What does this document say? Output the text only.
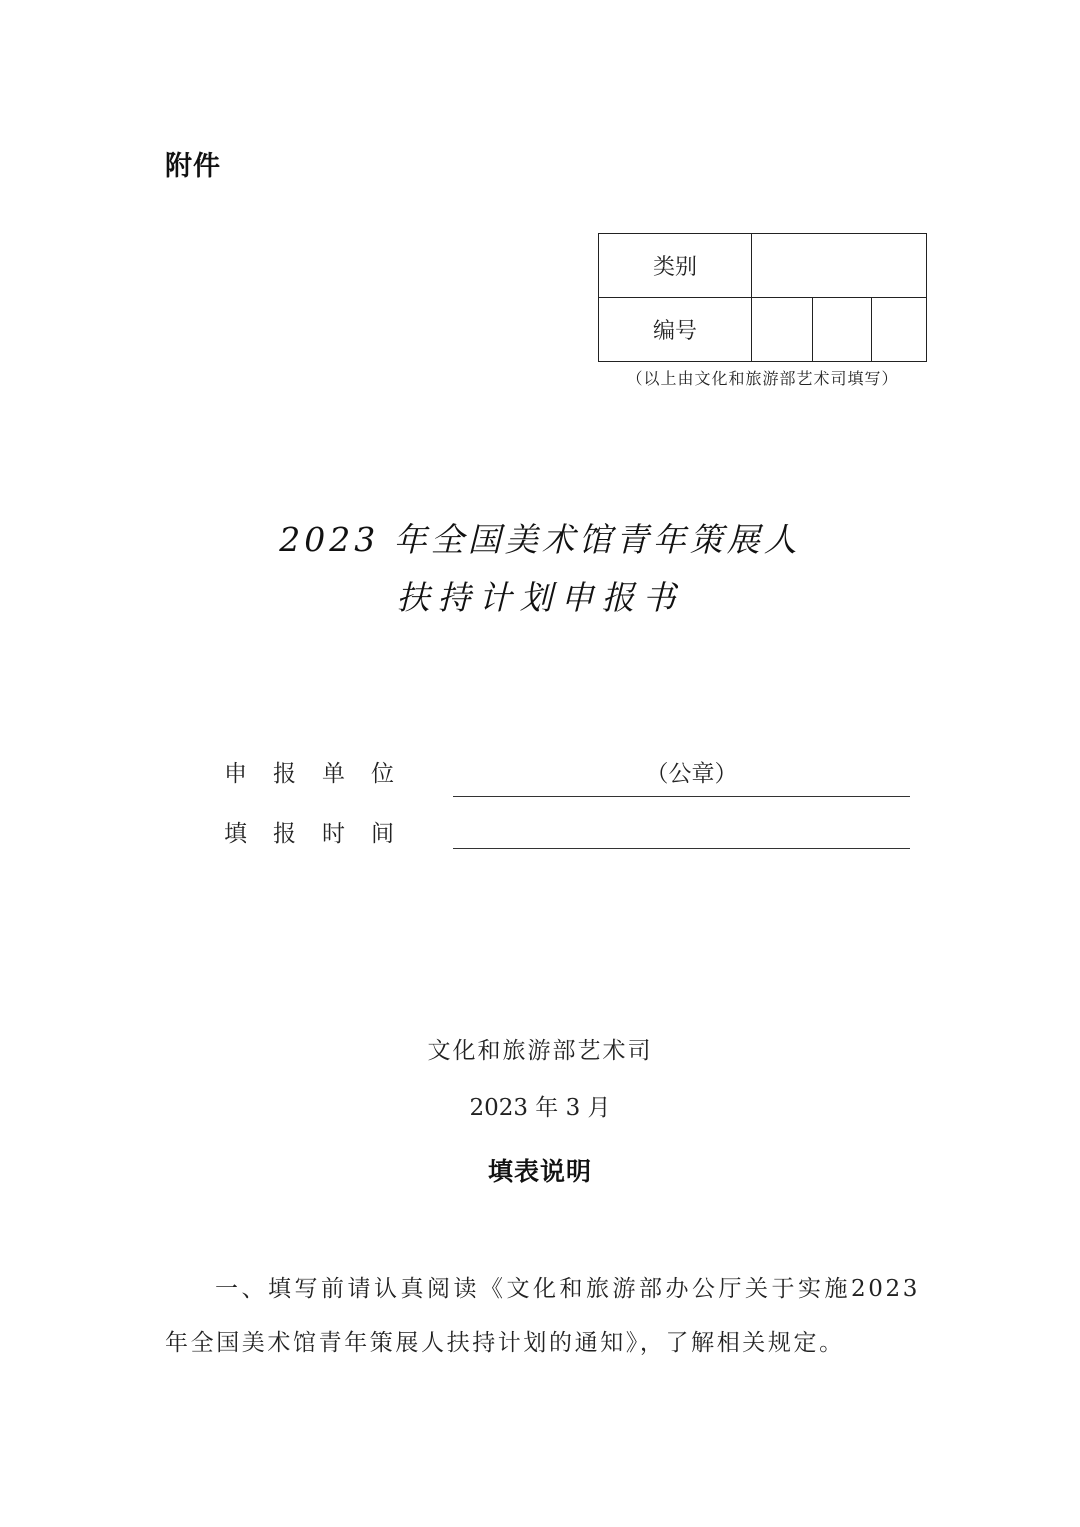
附件
类别
编号
（以上由文化和旅游部艺术司填写）
2023 年全国美术馆青年策展人
扶持计划申报书
申报单位	（公章）
填报时间
文化和旅游部艺术司
2023 年 3 月
填表说明
一、填写前请认真阅读《文化和旅游部办公厅关于实施2023 年全国美术馆青年策展人扶持计划的通知》，了解相关规定。
